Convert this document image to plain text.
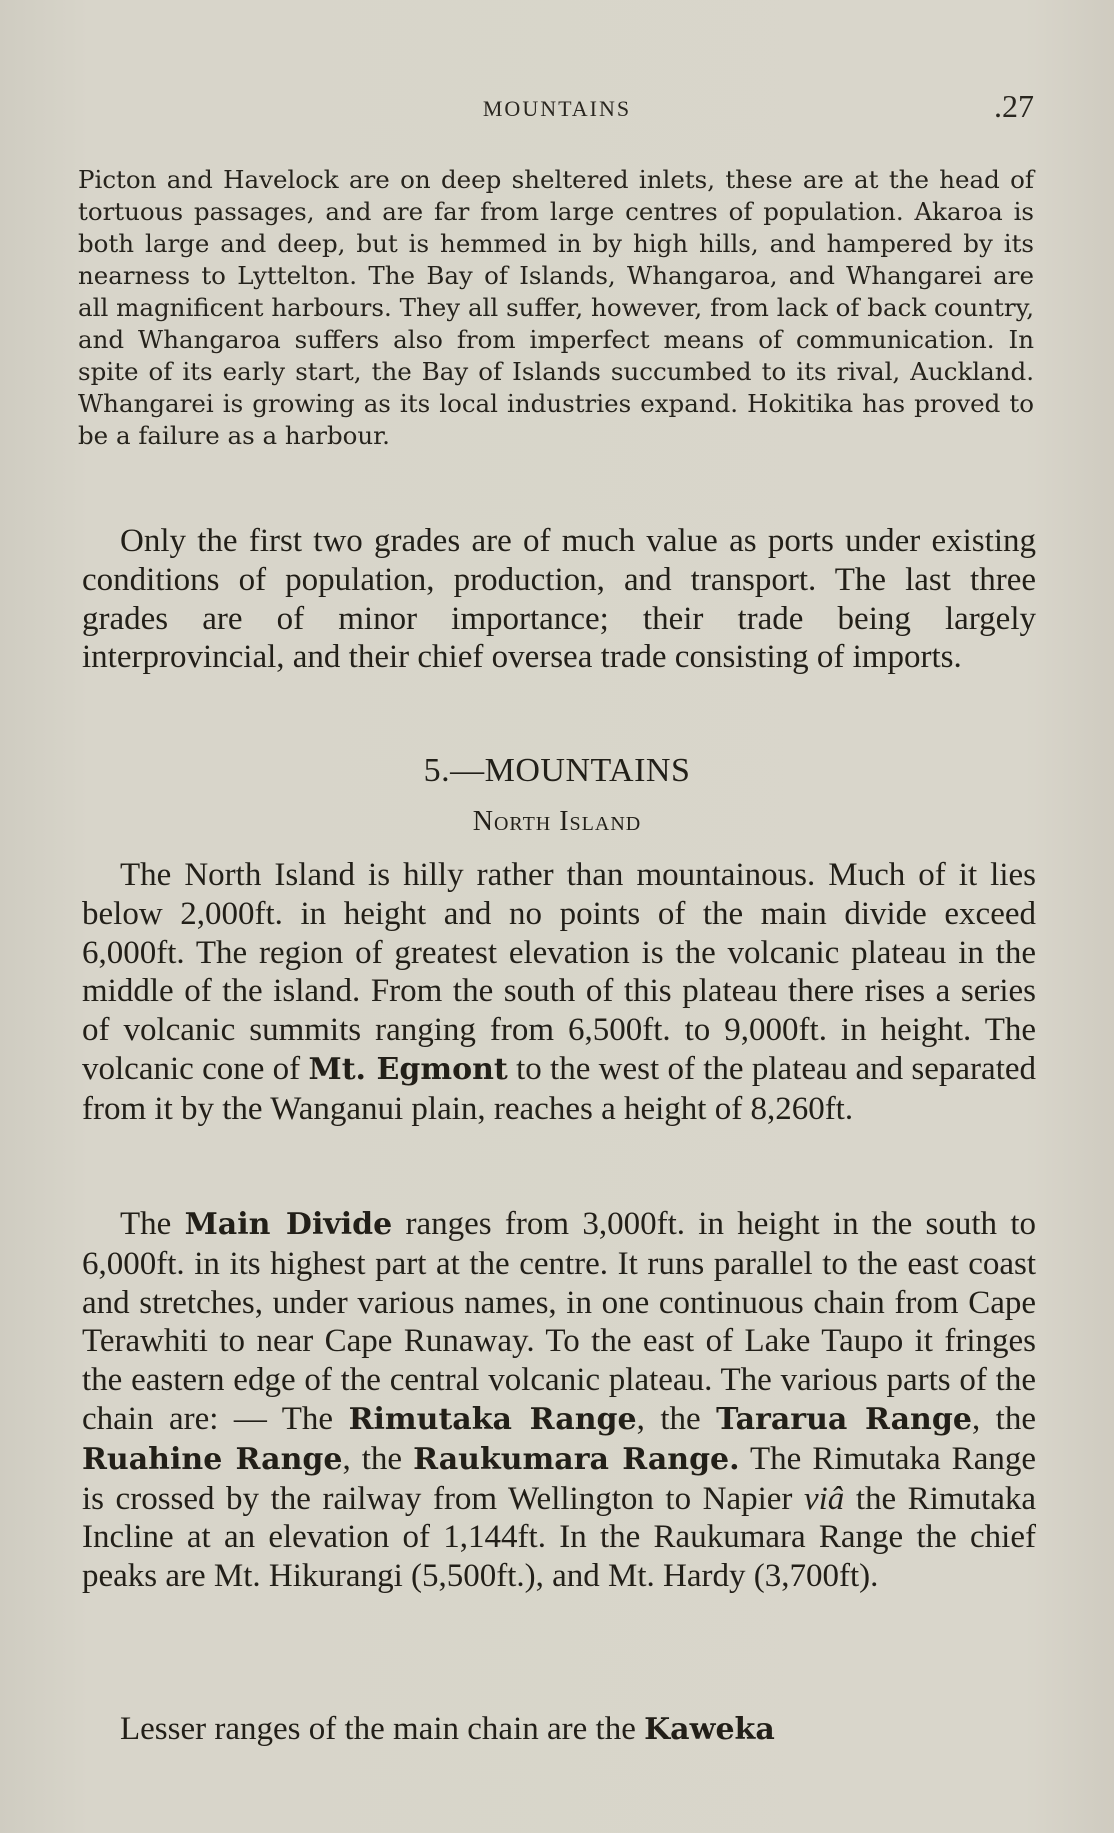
MOUNTAINS	.27

Picton and Havelock are on deep sheltered inlets, these are at the head of tortuous passages, and are far from large centres of population. Akaroa is both large and deep, but is hemmed in by high hills, and hampered by its nearness to Lyttelton. The Bay of Islands, Whangaroa, and Whangarei are all magnificent harbours. They all suffer, however, from lack of back country, and Whangaroa suffers also from imperfect means of communication. In spite of its early start, the Bay of Islands succumbed to its rival, Auckland. Whangarei is growing as its local industries expand. Hokitika has proved to be a failure as a harbour.

Only the first two grades are of much value as ports under existing conditions of population, production, and transport. The last three grades are of minor importance; their trade being largely interprovincial, and their chief oversea trade consisting of imports.

5.—MOUNTAINS
North Island

The North Island is hilly rather than mountainous. Much of it lies below 2,000ft. in height and no points of the main divide exceed 6,000ft. The region of greatest elevation is the volcanic plateau in the middle of the island. From the south of this plateau there rises a series of volcanic summits ranging from 6,500ft. to 9,000ft. in height. The volcanic cone of Mt. Egmont to the west of the plateau and separated from it by the Wanganui plain, reaches a height of 8,260ft.

The Main Divide ranges from 3,000ft. in height in the south to 6,000ft. in its highest part at the centre. It runs parallel to the east coast and stretches, under various names, in one continuous chain from Cape Terawhiti to near Cape Runaway. To the east of Lake Taupo it fringes the eastern edge of the central volcanic plateau. The various parts of the chain are: — The Rimutaka Range, the Tararua Range, the Ruahine Range, the Raukumara Range. The Rimutaka Range is crossed by the railway from Wellington to Napier viâ the Rimutaka Incline at an elevation of 1,144ft. In the Raukumara Range the chief peaks are Mt. Hikurangi (5,500ft.), and Mt. Hardy (3,700ft).

Lesser ranges of the main chain are the Kaweka
